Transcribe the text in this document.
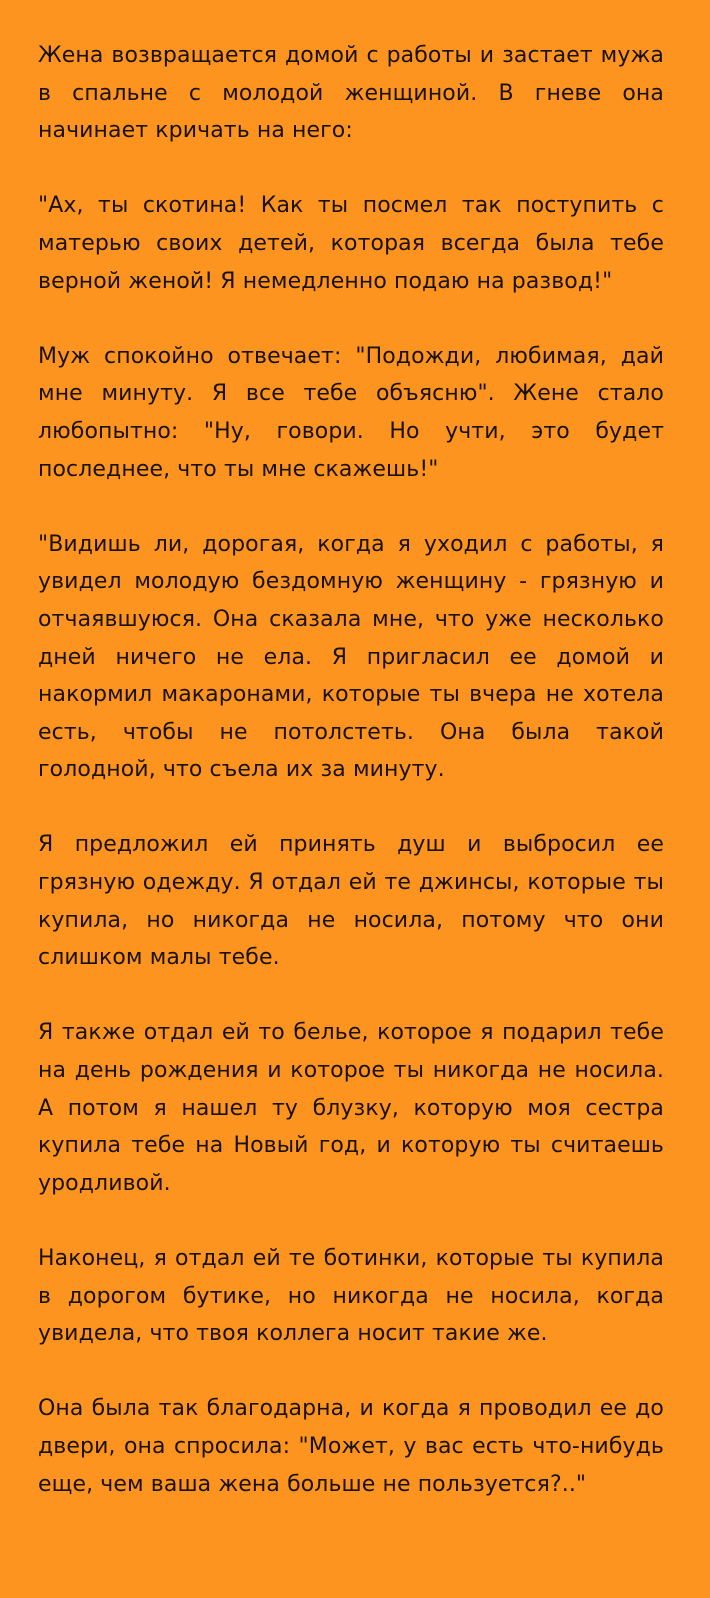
Жена возвращается домой с работы и застает мужа в спальне с молодой женщиной. В гневе она начинает кричать на него:

"Ах, ты скотина! Как ты посмел так поступить с матерью своих детей, которая всегда была тебе верной женой! Я немедленно подаю на развод!"

Муж спокойно отвечает: "Подожди, любимая, дай мне минуту. Я все тебе объясню". Жене стало любопытно: "Ну, говори. Но учти, это будет последнее, что ты мне скажешь!"

"Видишь ли, дорогая, когда я уходил с работы, я увидел молодую бездомную женщину - грязную и отчаявшуюся. Она сказала мне, что уже несколько дней ничего не ела. Я пригласил ее домой и накормил макаронами, которые ты вчера не хотела есть, чтобы не потолстеть. Она была такой голодной, что съела их за минуту.

Я предложил ей принять душ и выбросил ее грязную одежду. Я отдал ей те джинсы, которые ты купила, но никогда не носила, потому что они слишком малы тебе.

Я также отдал ей то белье, которое я подарил тебе на день рождения и которое ты никогда не носила. А потом я нашел ту блузку, которую моя сестра купила тебе на Новый год, и которую ты считаешь уродливой.

Наконец, я отдал ей те ботинки, которые ты купила в дорогом бутике, но никогда не носила, когда увидела, что твоя коллега носит такие же.

Она была так благодарна, и когда я проводил ее до двери, она спросила: "Может, у вас есть что-нибудь еще, чем ваша жена больше не пользуется?.."
